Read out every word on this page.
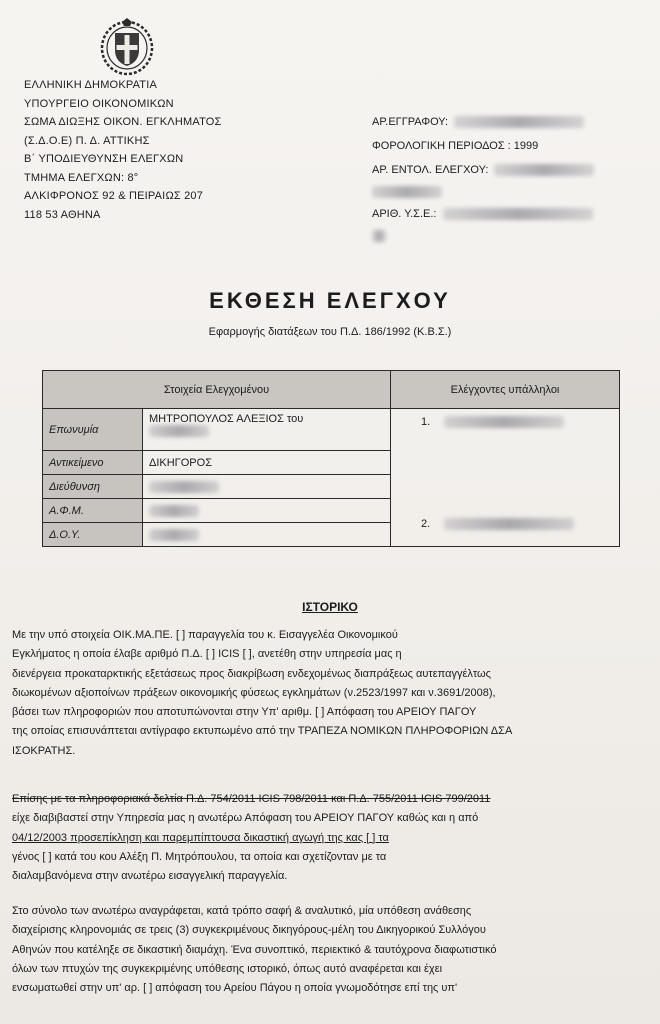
ΕΛΛΗΝΙΚΗ ΔΗΜΟΚΡΑΤΙΑ
ΥΠΟΥΡΓΕΙΟ ΟΙΚΟΝΟΜΙΚΩΝ
ΣΩΜΑ ΔΙΩΞΗΣ ΟΙΚΟΝ. ΕΓΚΛΗΜΑΤΟΣ
(Σ.Δ.Ο.Ε) Π. Δ. ΑΤΤΙΚΗΣ
Β΄ ΥΠΟΔΙΕΥΘΥΝΣΗ ΕΛΕΓΧΩΝ
ΤΜΗΜΑ ΕΛΕΓΧΩΝ: 8°
ΑΛΚΙΦΡΟΝΟΣ 92 & ΠΕΙΡΑΙΩΣ 207
118 53 ΑΘΗΝΑ
ΑΡ.ΕΓΓΡΑΦΟΥ:
ΦΟΡΟΛΟΓΙΚΗ ΠΕΡΙΟΔΟΣ : 1999
ΑΡ. ΕΝΤΟΛ. ΕΛΕΓΧΟΥ:
ΑΡΙΘ. Υ.Σ.Ε.:
ΕΚΘΕΣΗ ΕΛΕΓΧΟΥ
Εφαρμογής διατάξεων του Π.Δ. 186/1992 (Κ.Β.Σ.)
Στοιχεία Ελεγχομένου		Ελέγχοντες υπάλληλοι
Επωνυμία	ΜΗΤΡΟΠΟΥΛΟΣ ΑΛΕΞΙΟΣ του	1.
2.

Αντικείμενο	ΔΙΚΗΓΟΡΟΣ	
Διεύθυνση		
Α.Φ.Μ.		
Δ.Ο.Υ.		
ΙΣΤΟΡΙΚΟ
Με την υπό στοιχεία ΟΙΚ.ΜΑ.ΠΕ. [ ] παραγγελία του κ. Εισαγγελέα Οικονομικού
Εγκλήματος η οποία έλαβε αριθμό Π.Δ. [ ] ICIS [ ], ανετέθη στην υπηρεσία μας η
διενέργεια προκαταρκτικής εξετάσεως προς διακρίβωση ενδεχομένως διαπράξεως αυτεπαγγέλτως
διωκομένων αξιοποίνων πράξεων οικονομικής φύσεως εγκλημάτων (ν.2523/1997 και ν.3691/2008),
βάσει των πληροφοριών που αποτυπώνονται στην Υπ' αριθμ. [ ] Απόφαση του ΑΡΕΙΟΥ ΠΑΓΟΥ
της οποίας επισυνάπτεται αντίγραφο εκτυπωμένο από την ΤΡΑΠΕΖΑ ΝΟΜΙΚΩΝ ΠΛΗΡΟΦΟΡΙΩΝ ΔΣΑ
ΙΣΟΚΡΑΤΗΣ.
Επίσης με τα πληροφοριακά δελτία Π.Δ. 754/2011 ICIS 798/2011 και Π.Δ. 755/2011 ICIS 799/2011
είχε διαβιβαστεί στην Υπηρεσία μας η ανωτέρω Απόφαση του ΑΡΕΙΟΥ ΠΑΓΟΥ καθώς και η από
04/12/2003 προσεπίκληση και παρεμπίπτουσα δικαστική αγωγή της κας [ ] τα
γένος [ ] κατά του κου Αλέξη Π. Μητρόπουλου, τα οποία και σχετίζονταν με τα
διαλαμβανόμενα στην ανωτέρω εισαγγελική παραγγελία.
Στο σύνολο των ανωτέρω αναγράφεται, κατά τρόπο σαφή & αναλυτικό, μία υπόθεση ανάθεσης
διαχείρισης κληρονομιάς σε τρεις (3) συγκεκριμένους δικηγόρους-μέλη του Δικηγορικού Συλλόγου
Αθηνών που κατέληξε σε δικαστική διαμάχη. Ένα συνοπτικό, περιεκτικό & ταυτόχρονα διαφωτιστικό
όλων των πτυχών της συγκεκριμένης υπόθεσης ιστορικό, όπως αυτό αναφέρεται και έχει
ενσωματωθεί στην υπ' αρ. [ ] απόφαση του Αρείου Πάγου η οποία γνωμοδότησε επί της υπ'
